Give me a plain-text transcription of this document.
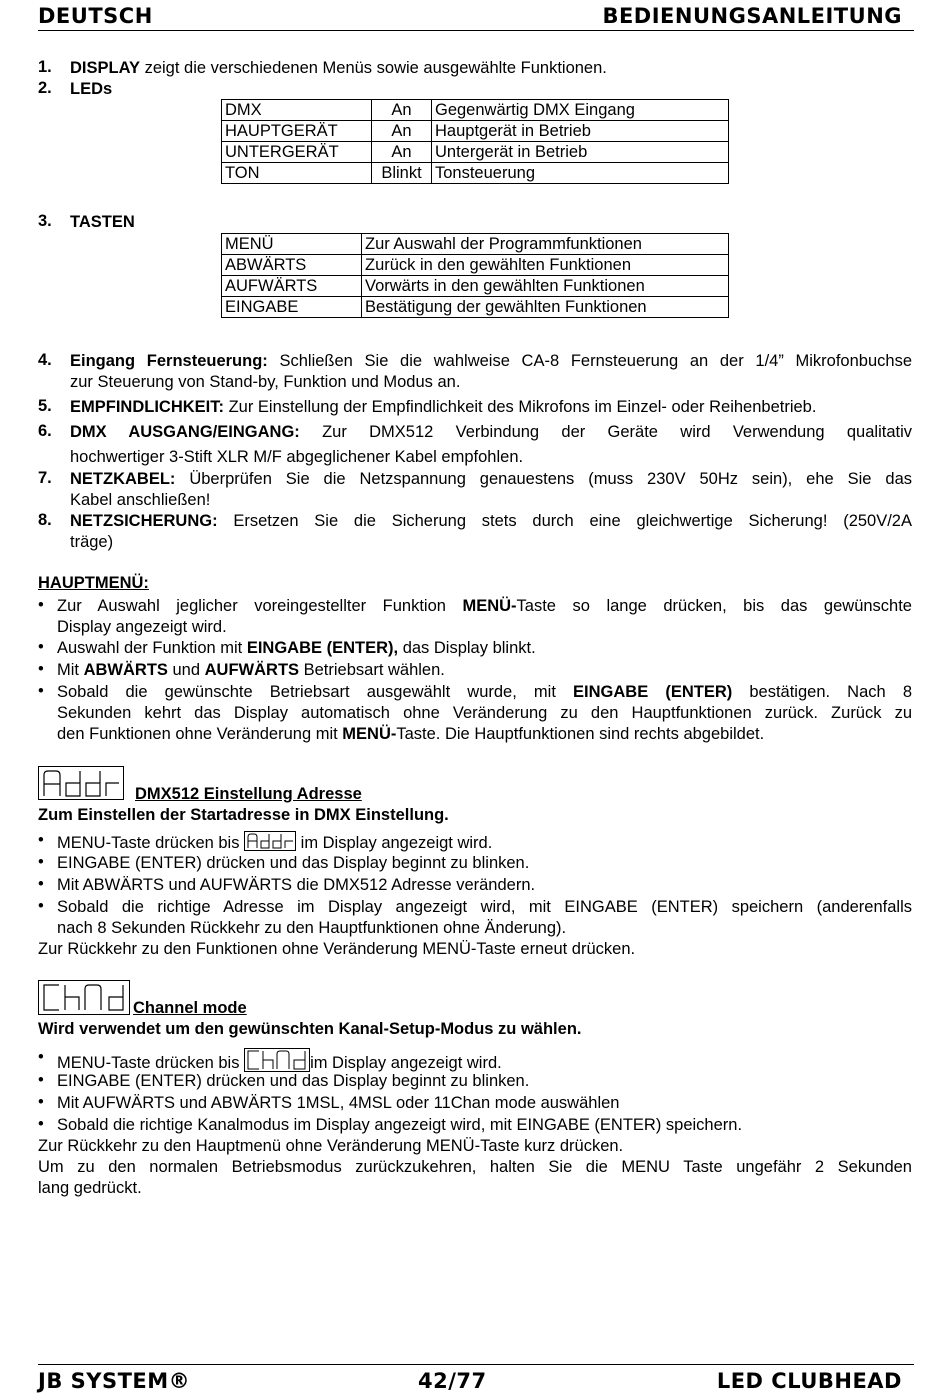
DEUTSCH	BEDIENUNGSANLEITUNG
1. DISPLAY zeigt die verschiedenen Menüs sowie ausgewählte Funktionen.
2. LEDs
DMX	An	Gegenwärtig DMX Eingang
HAUPTGERÄT	An	Hauptgerät in Betrieb
UNTERGERÄT	An	Untergerät in Betrieb
TON	Blinkt	Tonsteuerung
3. TASTEN
MENÜ	Zur Auswahl der Programmfunktionen
ABWÄRTS	Zurück in den gewählten Funktionen
AUFWÄRTS	Vorwärts in den gewählten Funktionen
EINGABE	Bestätigung der gewählten Funktionen
4. Eingang Fernsteuerung: Schließen Sie die wahlweise CA-8 Fernsteuerung an der 1/4” Mikrofonbuchse
zur Steuerung von Stand-by, Funktion und Modus an.
5. EMPFINDLICHKEIT: Zur Einstellung der Empfindlichkeit des Mikrofons im Einzel- oder Reihenbetrieb.
6. DMX AUSGANG/EINGANG: Zur DMX512 Verbindung der Geräte wird Verwendung qualitativ
hochwertiger 3-Stift XLR M/F abgeglichener Kabel empfohlen.
7. NETZKABEL: Überprüfen Sie die Netzspannung genauestens (muss 230V 50Hz sein), ehe Sie das
Kabel anschließen!
8. NETZSICHERUNG: Ersetzen Sie die Sicherung stets durch eine gleichwertige Sicherung! (250V/2A
träge)
HAUPTMENÜ:
• Zur Auswahl jeglicher voreingestellter Funktion MENÜ-Taste so lange drücken, bis das gewünschte
Display angezeigt wird.
• Auswahl der Funktion mit EINGABE (ENTER), das Display blinkt.
• Mit ABWÄRTS und AUFWÄRTS Betriebsart wählen.
• Sobald die gewünschte Betriebsart ausgewählt wurde, mit EINGABE (ENTER) bestätigen. Nach 8
Sekunden kehrt das Display automatisch ohne Veränderung zu den Hauptfunktionen zurück. Zurück zu
den Funktionen ohne Veränderung mit MENÜ-Taste. Die Hauptfunktionen sind rechts abgebildet.
DMX512 Einstellung Adresse
Zum Einstellen der Startadresse in DMX Einstellung.
• MENU-Taste drücken bis	im Display angezeigt wird.
• EINGABE (ENTER) drücken und das Display beginnt zu blinken.
• Mit ABWÄRTS und AUFWÄRTS die DMX512 Adresse verändern.
• Sobald die richtige Adresse im Display angezeigt wird, mit EINGABE (ENTER) speichern (anderenfalls
nach 8 Sekunden Rückkehr zu den Hauptfunktionen ohne Änderung).
Zur Rückkehr zu den Funktionen ohne Veränderung MENÜ-Taste erneut drücken.
Channel mode
Wird verwendet um den gewünschten Kanal-Setup-Modus zu wählen.
• MENU-Taste drücken bis	im Display angezeigt wird.
• EINGABE (ENTER) drücken und das Display beginnt zu blinken.
• Mit AUFWÄRTS und ABWÄRTS 1MSL, 4MSL oder 11Chan mode auswählen
• Sobald die richtige Kanalmodus im Display angezeigt wird, mit EINGABE (ENTER) speichern.
Zur Rückkehr zu den Hauptmenü ohne Veränderung MENÜ-Taste kurz drücken.
Um zu den normalen Betriebsmodus zurückzukehren, halten Sie die MENU Taste ungefähr 2 Sekunden
lang gedrückt.
JB SYSTEM®	42/77	LED CLUBHEAD
